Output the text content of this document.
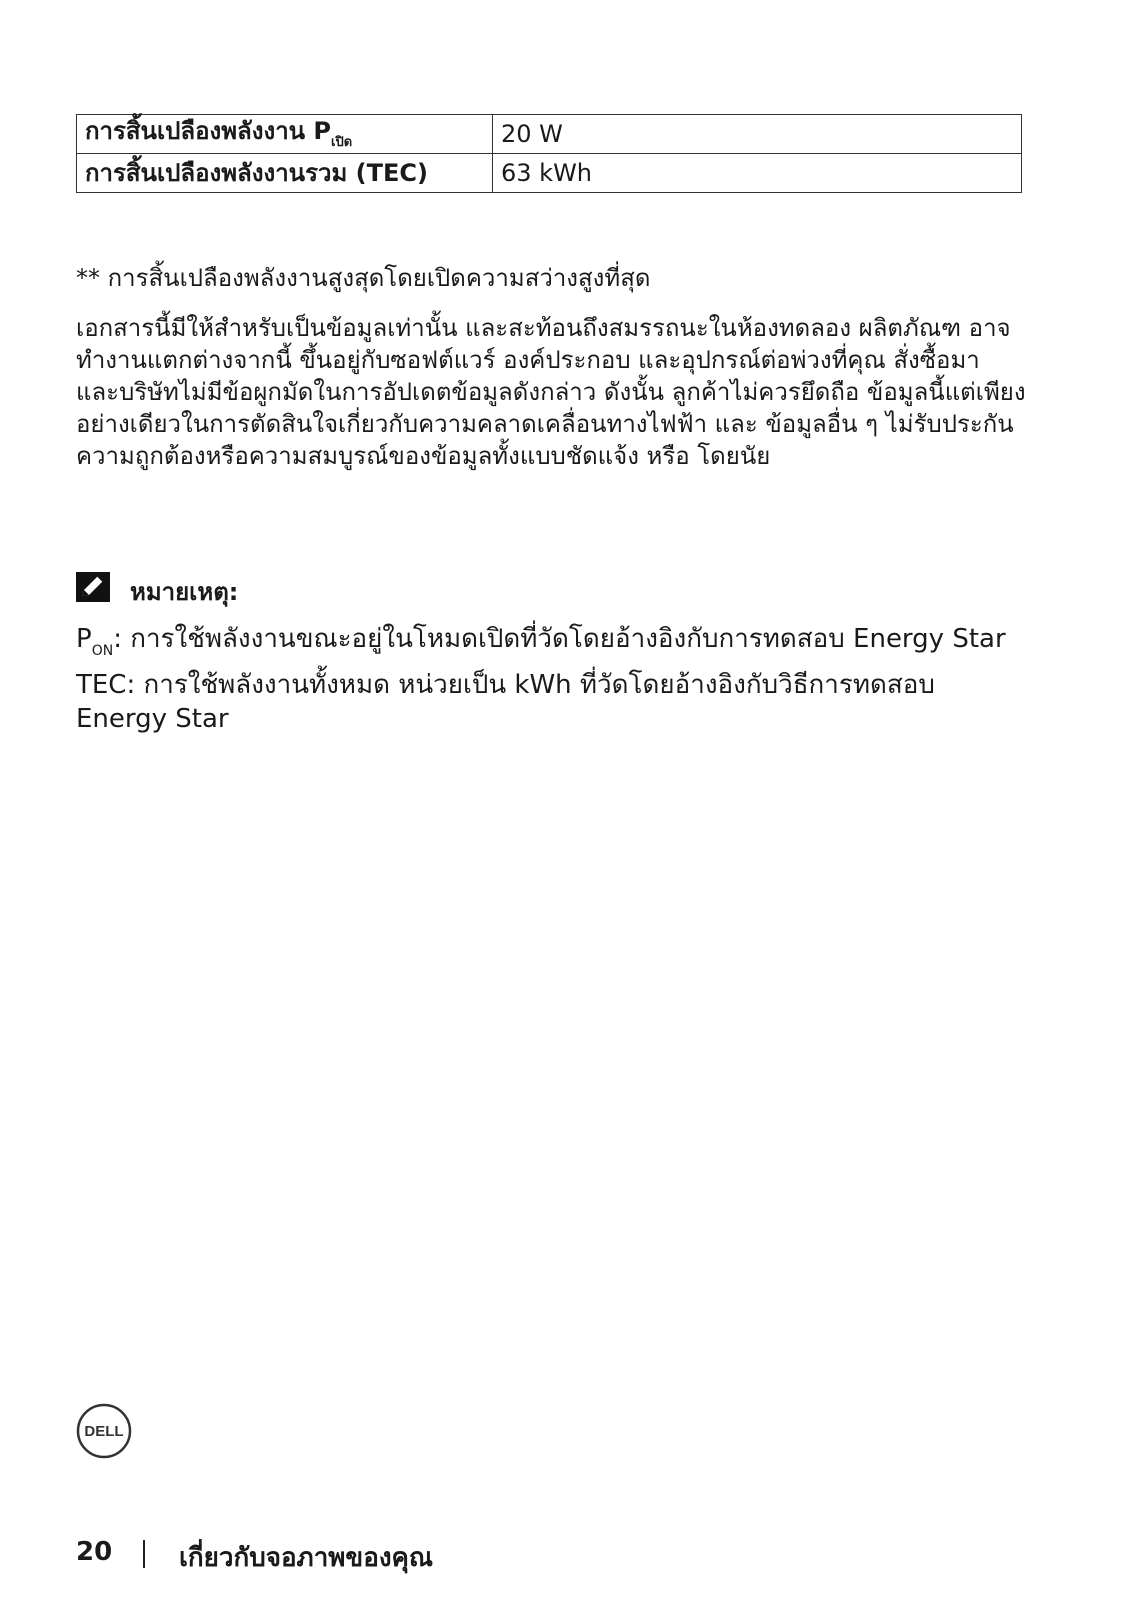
การสิ้นเปลืองพลังงาน $P_{เปิด}$	20 W
การสิ้นเปลืองพลังงานรวม (TEC)	63 kWh
** การสิ้นเปลืองพลังงานสูงสุดโดยเปิดความสว่างสูงที่สุด
เอกสารนี้มีให้สำหรับเป็นข้อมูลเท่านั้น และสะท้อนถึงสมรรถนะในห้องทดลอง ผลิตภัณฑ อาจทำงานแตกต่างจากนี้ ขึ้นอยู่กับซอฟต์แวร์ องค์ประกอบ และอุปกรณ์ต่อพ่วงที่คุณ สั่งซื้อมา และบริษัทไม่มีข้อผูกมัดในการอัปเดตข้อมูลดังกล่าว ดังนั้น ลูกค้าไม่ควรยึดถือ ข้อมูลนี้แต่เพียงอย่างเดียวในการตัดสินใจเกี่ยวกับความคลาดเคลื่อนทางไฟฟ้า และ ข้อมูลอื่น ๆ ไม่รับประกันความถูกต้องหรือความสมบูรณ์ของข้อมูลทั้งแบบชัดแจ้ง หรือ โดยนัย
หมายเหตุ:
$P_{ON}$: การใช้พลังงานขณะอยู่ในโหมดเปิดที่วัดโดยอ้างอิงกับการทดสอบ Energy Star
TEC: การใช้พลังงานทั้งหมด หน่วยเป็น kWh ที่วัดโดยอ้างอิงกับวิธีการทดสอบ Energy Star
DELL
20	เกี่ยวกับจอภาพของคุณ
